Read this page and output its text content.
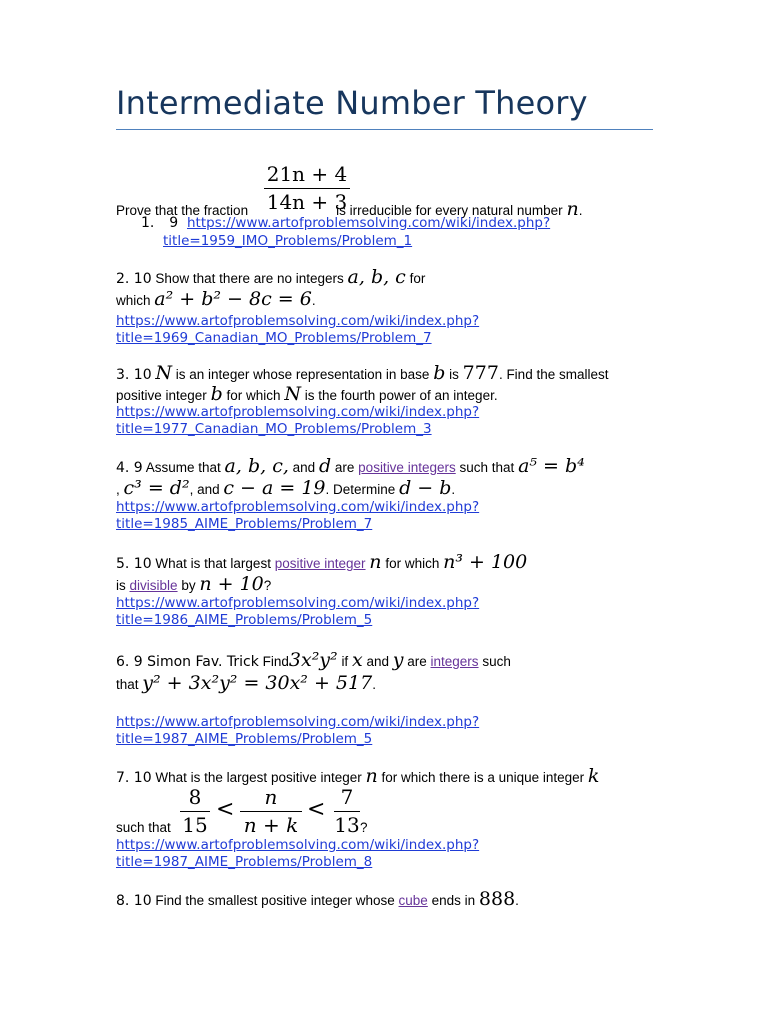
Intermediate Number Theory
21n + 4
14n + 3
Prove that the fraction	is irreducible for every natural number n.
1. 9 https://www.artofproblemsolving.com/wiki/index.php?
title=1959_IMO_Problems/Problem_1
2. 10 Show that there are no integers a, b, c for
which a² + b² − 8c = 6.
https://www.artofproblemsolving.com/wiki/index.php?
title=1969_Canadian_MO_Problems/Problem_7
3. 10 N is an integer whose representation in base b is 777. Find the smallest
positive integer b for which N is the fourth power of an integer.
https://www.artofproblemsolving.com/wiki/index.php?
title=1977_Canadian_MO_Problems/Problem_3
4. 9 Assume that a, b, c, and d are positive integers such that a⁵ = b⁴
, c³ = d², and c − a = 19. Determine d − b.
https://www.artofproblemsolving.com/wiki/index.php?
title=1985_AIME_Problems/Problem_7
5. 10 What is that largest positive integer n for which n³ + 100
is divisible by n + 10?
https://www.artofproblemsolving.com/wiki/index.php?
title=1986_AIME_Problems/Problem_5
6. 9 Simon Fav. Trick Find3x²y² if x and y are integers such
that y² + 3x²y² = 30x² + 517.
https://www.artofproblemsolving.com/wiki/index.php?
title=1987_AIME_Problems/Problem_5
7. 10 What is the largest positive integer n for which there is a unique integer k
such that
8
15
<	n
n + k
< 7
13 ?
https://www.artofproblemsolving.com/wiki/index.php?
title=1987_AIME_Problems/Problem_8
8. 10 Find the smallest positive integer whose cube ends in 888.
